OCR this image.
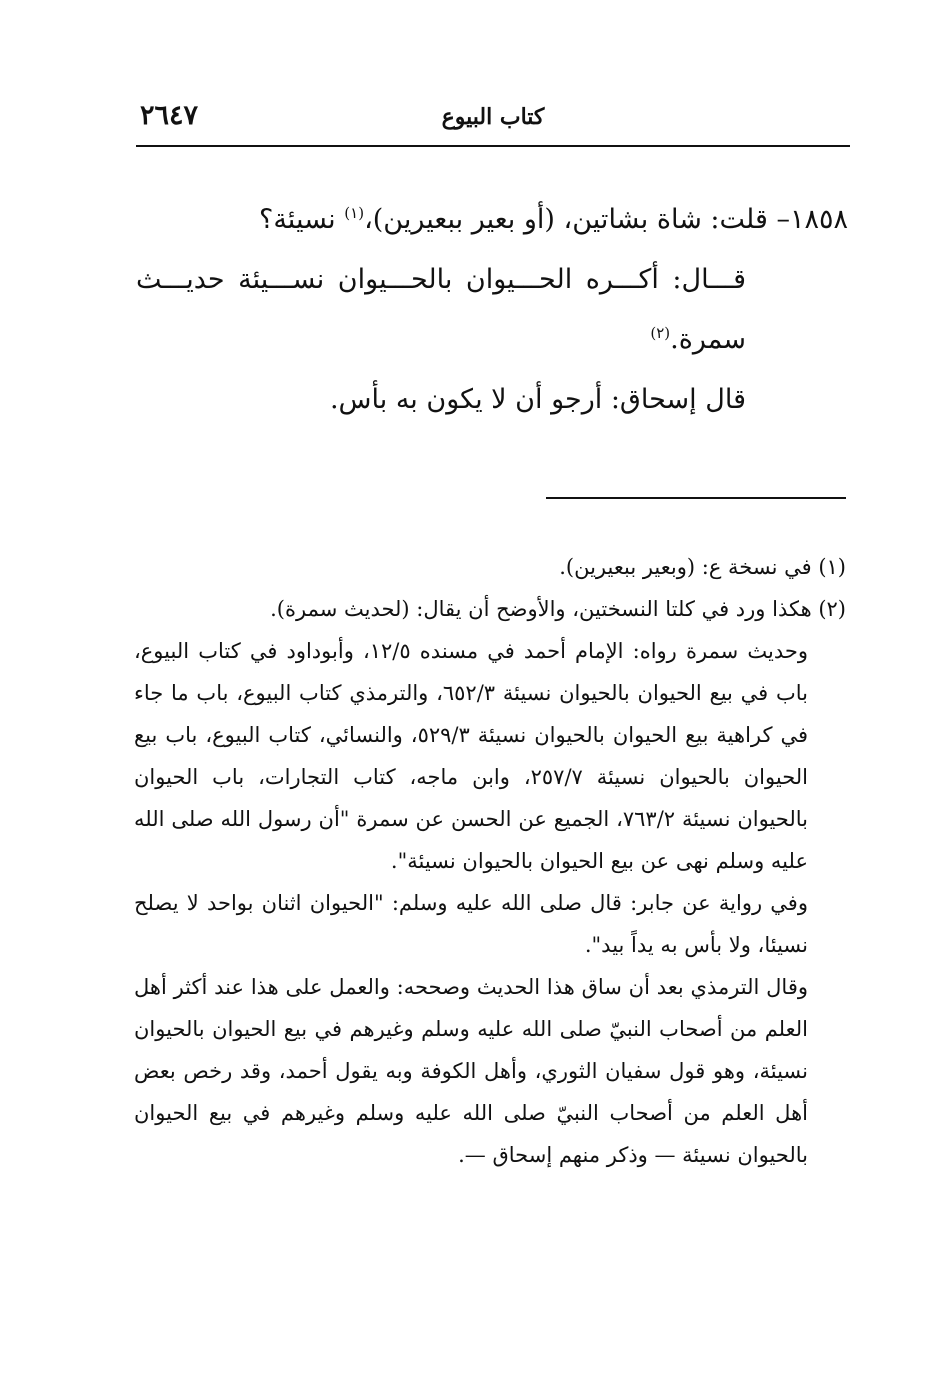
كتاب البيوع
٢٦٤٧

١٨٥٨– قلت: شاة بشاتين، (أو بعير ببعيرين)،$^{(١)}$ نسيئة؟

قـــال: أكـــره الحـــيوان بالحـــيوان نســـيئة حديـــث

سمرة.$^{(٢)}$

قال إسحاق: أرجو أن لا يكون به بأس.

(١) في نسخة ع: (وبعير ببعيرين).

(٢) هكذا ورد في كلتا النسختين، والأوضح أن يقال: (لحديث سمرة).

وحديث سمرة رواه: الإمام أحمد في مسنده ١٢/٥، وأبوداود في كتاب البيوع، باب في بيع الحيوان بالحيوان نسيئة ٦٥٢/٣، والترمذي كتاب البيوع، باب ما جاء في كراهية بيع الحيوان بالحيوان نسيئة ٥٢٩/٣، والنسائي، كتاب البيوع، باب بيع الحيوان بالحيوان نسيئة ٢٥٧/٧، وابن ماجه، كتاب التجارات، باب الحيوان بالحيوان نسيئة ٧٦٣/٢، الجميع عن الحسن عن سمرة "أن رسول الله صلى الله عليه وسلم نهى عن بيع الحيوان بالحيوان نسيئة".

وفي رواية عن جابر: قال صلى الله عليه وسلم: "الحيوان اثنان بواحد لا يصلح نسيئا، ولا بأس به يداً بيد".

وقال الترمذي بعد أن ساق هذا الحديث وصححه: والعمل على هذا عند أكثر أهل العلم من أصحاب النبيّ صلى الله عليه وسلم وغيرهم في بيع الحيوان بالحيوان نسيئة، وهو قول سفيان الثوري، وأهل الكوفة وبه يقول أحمد، وقد رخص بعض أهل العلم من أصحاب النبيّ صلى الله عليه وسلم وغيرهم في بيع الحيوان بالحيوان نسيئة — وذكر منهم إسحاق —.
